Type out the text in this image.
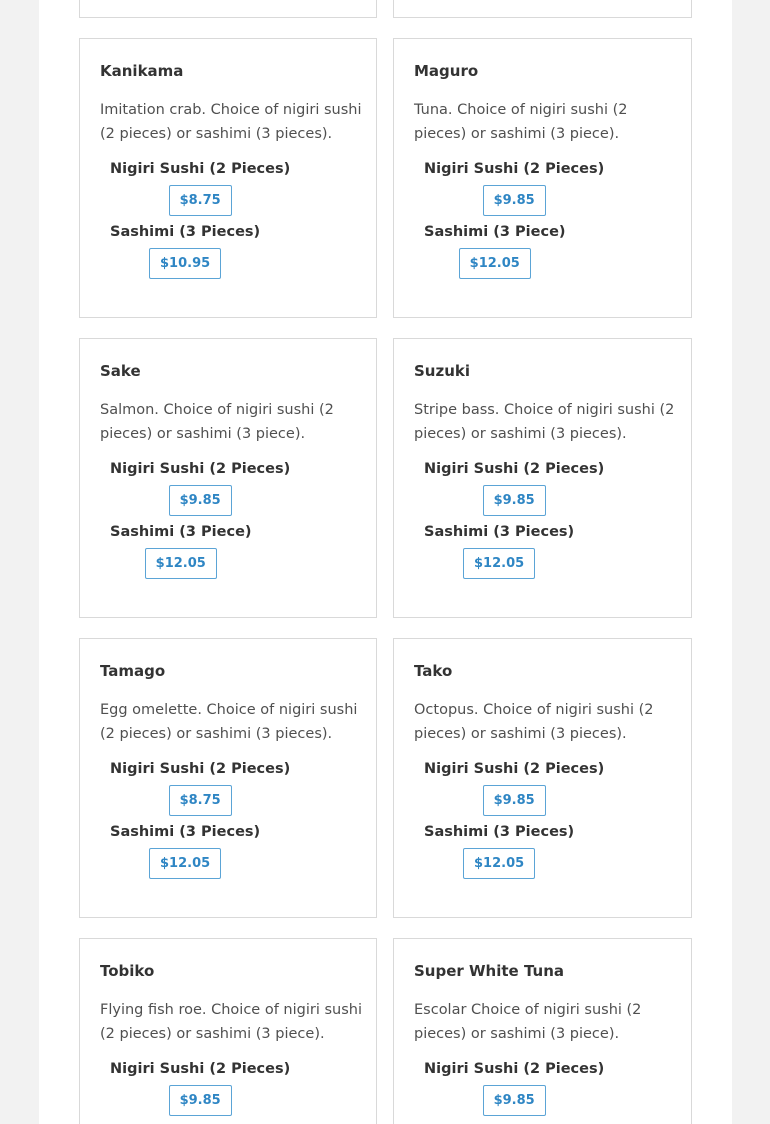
Kanikama
Imitation crab. Choice of nigiri sushi (2 pieces) or sashimi (3 pieces).
Nigiri Sushi (2 Pieces)
$8.75
Sashimi (3 Pieces)
$10.95
Maguro
Tuna. Choice of nigiri sushi (2 pieces) or sashimi (3 piece).
Nigiri Sushi (2 Pieces)
$9.85
Sashimi (3 Piece)
$12.05
Sake
Salmon. Choice of nigiri sushi (2 pieces) or sashimi (3 piece).
Nigiri Sushi (2 Pieces)
$9.85
Sashimi (3 Piece)
$12.05
Suzuki
Stripe bass. Choice of nigiri sushi (2 pieces) or sashimi (3 pieces).
Nigiri Sushi (2 Pieces)
$9.85
Sashimi (3 Pieces)
$12.05
Tamago
Egg omelette. Choice of nigiri sushi (2 pieces) or sashimi (3 pieces).
Nigiri Sushi (2 Pieces)
$8.75
Sashimi (3 Pieces)
$12.05
Tako
Octopus. Choice of nigiri sushi (2 pieces) or sashimi (3 pieces).
Nigiri Sushi (2 Pieces)
$9.85
Sashimi (3 Pieces)
$12.05
Tobiko
Flying fish roe. Choice of nigiri sushi (2 pieces) or sashimi (3 piece).
Nigiri Sushi (2 Pieces)
$9.85
Super White Tuna
Escolar Choice of nigiri sushi (2 pieces) or sashimi (3 piece).
Nigiri Sushi (2 Pieces)
$9.85
